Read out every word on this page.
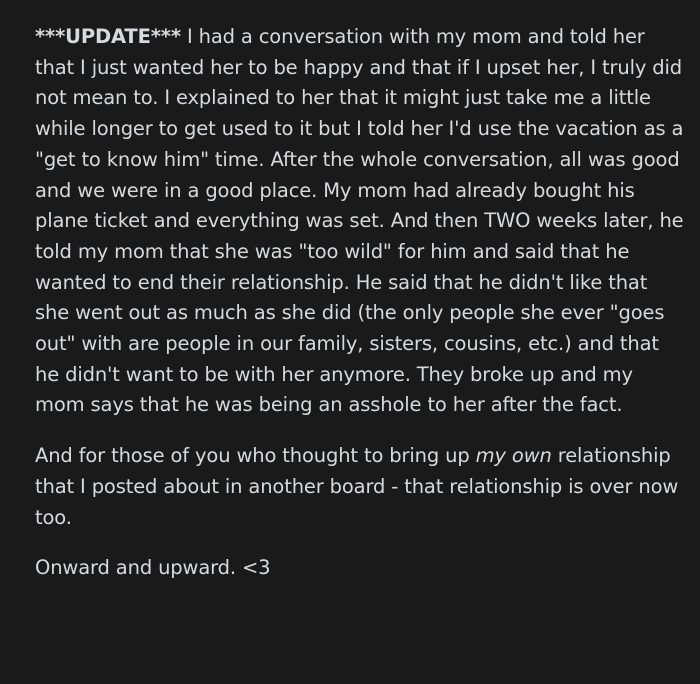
***UPDATE*** I had a conversation with my mom and told her that I just wanted her to be happy and that if I upset her, I truly did not mean to. I explained to her that it might just take me a little while longer to get used to it but I told her I'd use the vacation as a "get to know him" time. After the whole conversation, all was good and we were in a good place. My mom had already bought his plane ticket and everything was set. And then TWO weeks later, he told my mom that she was "too wild" for him and said that he wanted to end their relationship. He said that he didn't like that she went out as much as she did (the only people she ever "goes out" with are people in our family, sisters, cousins, etc.) and that he didn't want to be with her anymore. They broke up and my mom says that he was being an asshole to her after the fact.

And for those of you who thought to bring up my own relationship that I posted about in another board - that relationship is over now too.

Onward and upward. <3
